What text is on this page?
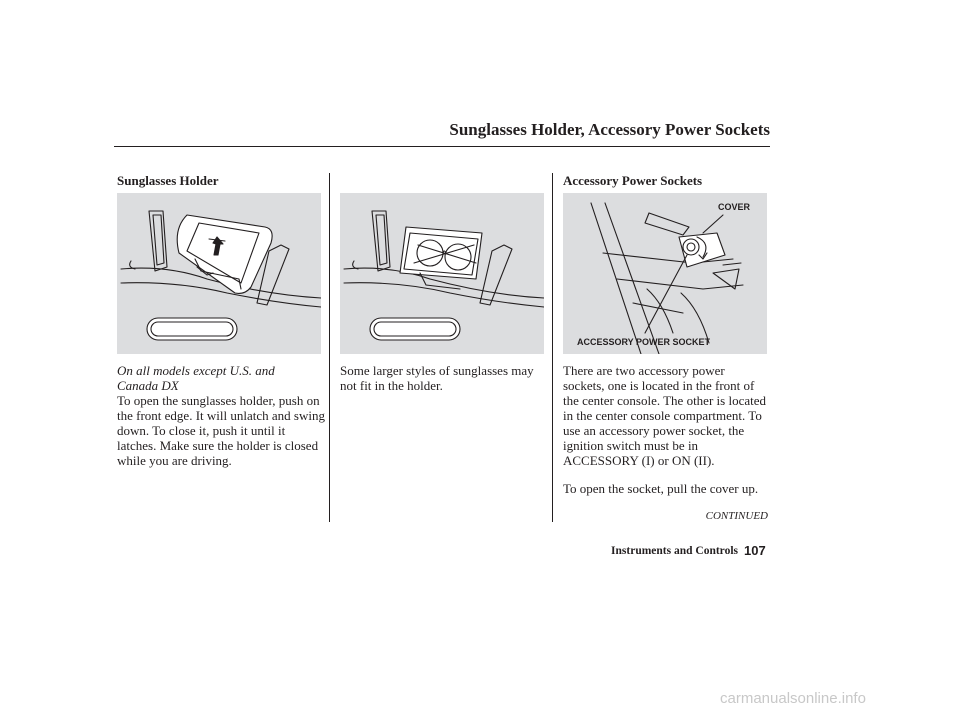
Sunglasses Holder, Accessory Power Sockets
Sunglasses Holder	Accessory Power Sockets
COVER
ACCESSORY POWER SOCKET
On all models except U.S. and Canada DX
To open the sunglasses holder, push on the front edge. It will unlatch and swing down. To close it, push it until it latches. Make sure the holder is closed while you are driving.
Some larger styles of sunglasses may not fit in the holder.
There are two accessory power sockets, one is located in the front of the center console. The other is located in the center console compartment. To use an accessory power socket, the ignition switch must be in ACCESSORY (I) or ON (II).
To open the socket, pull the cover up.
CONTINUED
Instruments and Controls 107
carmanualsonline.info
